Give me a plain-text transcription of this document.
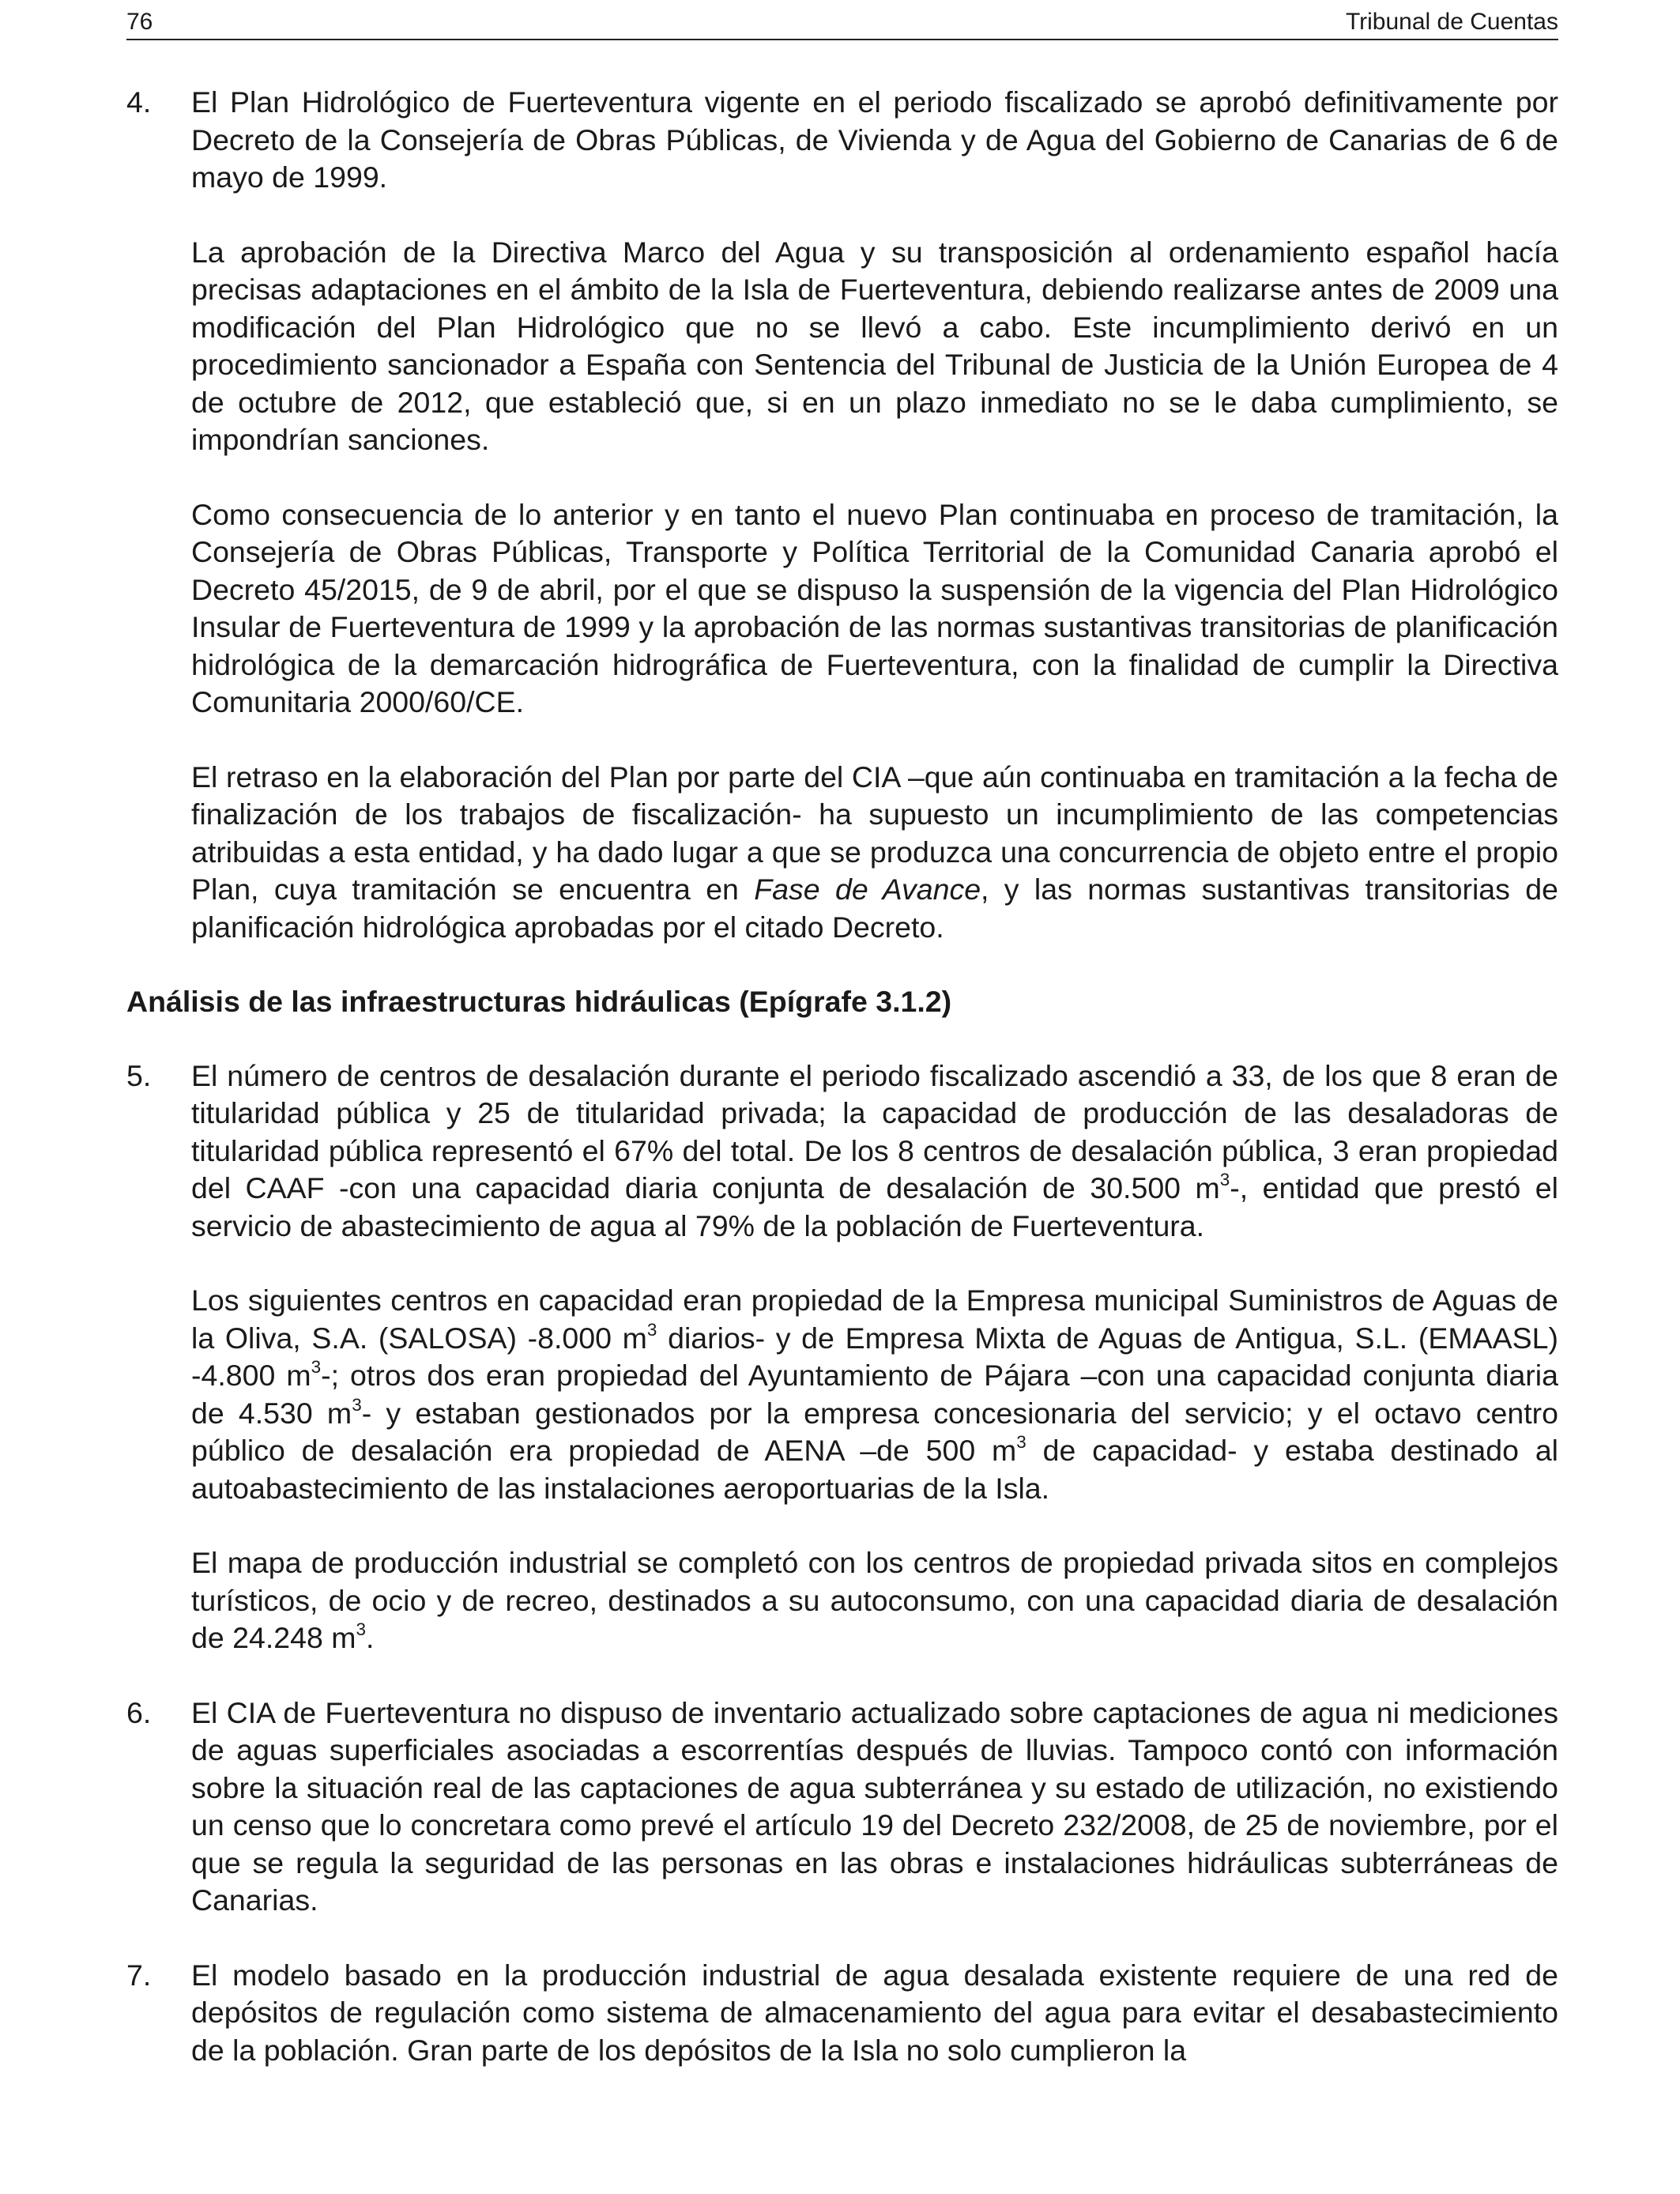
76	Tribunal de Cuentas
4. El Plan Hidrológico de Fuerteventura vigente en el periodo fiscalizado se aprobó definitivamente por Decreto de la Consejería de Obras Públicas, de Vivienda y de Agua del Gobierno de Canarias de 6 de mayo de 1999.

La aprobación de la Directiva Marco del Agua y su transposición al ordenamiento español hacía precisas adaptaciones en el ámbito de la Isla de Fuerteventura, debiendo realizarse antes de 2009 una modificación del Plan Hidrológico que no se llevó a cabo. Este incumplimiento derivó en un procedimiento sancionador a España con Sentencia del Tribunal de Justicia de la Unión Europea de 4 de octubre de 2012, que estableció que, si en un plazo inmediato no se le daba cumplimiento, se impondrían sanciones.

Como consecuencia de lo anterior y en tanto el nuevo Plan continuaba en proceso de tramitación, la Consejería de Obras Públicas, Transporte y Política Territorial de la Comunidad Canaria aprobó el Decreto 45/2015, de 9 de abril, por el que se dispuso la suspensión de la vigencia del Plan Hidrológico Insular de Fuerteventura de 1999 y la aprobación de las normas sustantivas transitorias de planificación hidrológica de la demarcación hidrográfica de Fuerteventura, con la finalidad de cumplir la Directiva Comunitaria 2000/60/CE.

El retraso en la elaboración del Plan por parte del CIA –que aún continuaba en tramitación a la fecha de finalización de los trabajos de fiscalización- ha supuesto un incumplimiento de las competencias atribuidas a esta entidad, y ha dado lugar a que se produzca una concurrencia de objeto entre el propio Plan, cuya tramitación se encuentra en Fase de Avance, y las normas sustantivas transitorias de planificación hidrológica aprobadas por el citado Decreto.

Análisis de las infraestructuras hidráulicas (Epígrafe 3.1.2)

5. El número de centros de desalación durante el periodo fiscalizado ascendió a 33, de los que 8 eran de titularidad pública y 25 de titularidad privada; la capacidad de producción de las desaladoras de titularidad pública representó el 67% del total. De los 8 centros de desalación pública, 3 eran propiedad del CAAF -con una capacidad diaria conjunta de desalación de 30.500 $m^3-$, entidad que prestó el servicio de abastecimiento de agua al 79% de la población de Fuerteventura.

Los siguientes centros en capacidad eran propiedad de la Empresa municipal Suministros de Aguas de la Oliva, S.A. (SALOSA) -8.000 $m^3$ diarios- y de Empresa Mixta de Aguas de Antigua, S.L. (EMAASL) -4.800 $m^3-$; otros dos eran propiedad del Ayuntamiento de Pájara –con una capacidad conjunta diaria de 4.530 $m^3-$ y estaban gestionados por la empresa concesionaria del servicio; y el octavo centro público de desalación era propiedad de AENA –de 500 $m^3$ de capacidad- y estaba destinado al autoabastecimiento de las instalaciones aeroportuarias de la Isla.

El mapa de producción industrial se completó con los centros de propiedad privada sitos en complejos turísticos, de ocio y de recreo, destinados a su autoconsumo, con una capacidad diaria de desalación de 24.248 $m^3$.

6. El CIA de Fuerteventura no dispuso de inventario actualizado sobre captaciones de agua ni mediciones de aguas superficiales asociadas a escorrentías después de lluvias. Tampoco contó con información sobre la situación real de las captaciones de agua subterránea y su estado de utilización, no existiendo un censo que lo concretara como prevé el artículo 19 del Decreto 232/2008, de 25 de noviembre, por el que se regula la seguridad de las personas en las obras e instalaciones hidráulicas subterráneas de Canarias.

7. El modelo basado en la producción industrial de agua desalada existente requiere de una red de depósitos de regulación como sistema de almacenamiento del agua para evitar el desabastecimiento de la población. Gran parte de los depósitos de la Isla no solo cumplieron la
